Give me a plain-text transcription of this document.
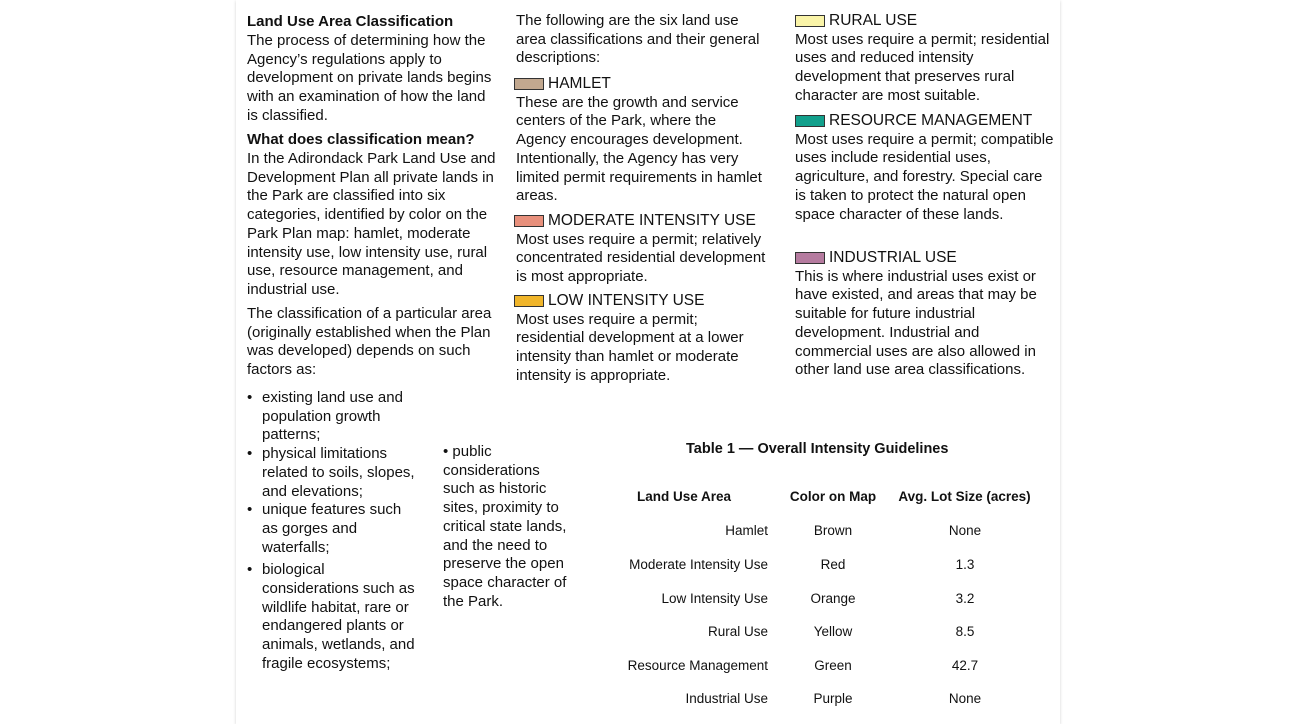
Land Use Area Classification

The process of determining how the Agency’s regulations apply to development on private lands begins with an examination of how the land is classified.

What does classification mean?

In the Adirondack Park Land Use and Development Plan all private lands in the Park are classified into six categories, identified by color on the Park Plan map: hamlet, moderate intensity use, low intensity use, rural use, resource management, and industrial use.

The classification of a particular area (originally established when the Plan was developed) depends on such factors as:

• existing land use and population growth patterns;
• physical limitations related to soils, slopes, and elevations;
• unique features such as gorges and waterfalls;
• biological considerations such as wildlife habitat, rare or endangered plants or animals, wetlands, and fragile ecosystems;

• public considerations such as historic sites, proximity to critical state lands, and the need to preserve the open space character of the Park.

The following are the six land use area classifications and their general descriptions:

HAMLET
These are the growth and service centers of the Park, where the Agency encourages development. Intentionally, the Agency has very limited permit requirements in hamlet areas.
MODERATE INTENSITY USE
Most uses require a permit; relatively concentrated residential development is most appropriate.
LOW INTENSITY USE
Most uses require a permit; residential development at a lower intensity than hamlet or moderate intensity is appropriate.
RURAL USE
Most uses require a permit; residential uses and reduced intensity development that preserves rural character are most suitable.
RESOURCE MANAGEMENT
Most uses require a permit; compatible uses include residential uses, agriculture, and forestry. Special care is taken to protect the natural open space character of these lands.
INDUSTRIAL USE
This is where industrial uses exist or have existed, and areas that may be suitable for future industrial development. Industrial and commercial uses are also allowed in other land use area classifications.
Table 1 — Overall Intensity Guidelines
Land Use Area	Color on Map	Avg. Lot Size (acres)
Hamlet	Brown	None
Moderate Intensity Use	Red	1.3
Low Intensity Use	Orange	3.2
Rural Use	Yellow	8.5
Resource Management	Green	42.7
Industrial Use	Purple	None
